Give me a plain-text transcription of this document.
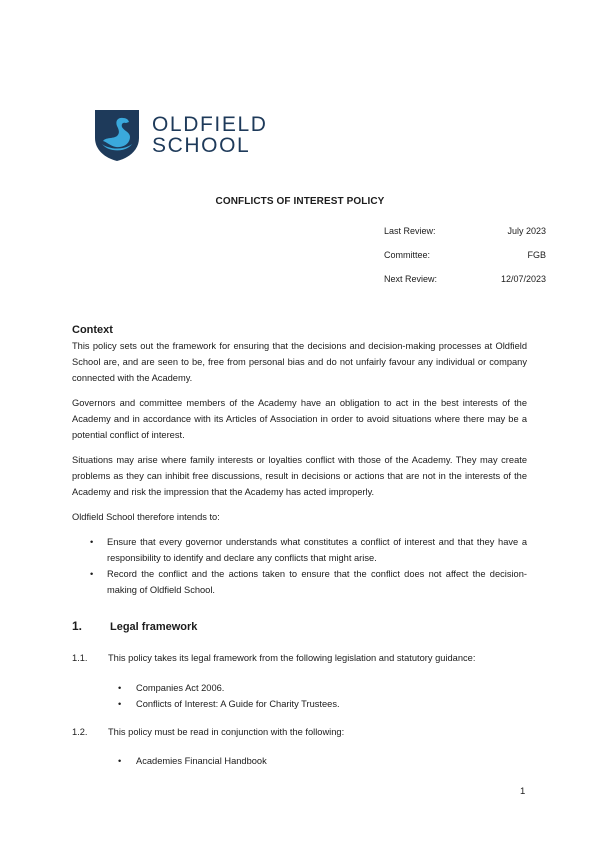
OLDFIELD
SCHOOL
CONFLICTS OF INTEREST POLICY
Last Review:	July 2023
Committee:	FGB
Next Review:	12/07/2023

Context

This policy sets out the framework for ensuring that the decisions and decision-making processes at Oldfield School are, and are seen to be, free from personal bias and do not unfairly favour any individual or company connected with the Academy.

Governors and committee members of the Academy have an obligation to act in the best interests of the Academy and in accordance with its Articles of Association in order to avoid situations where there may be a potential conflict of interest.

Situations may arise where family interests or loyalties conflict with those of the Academy. They may create problems as they can inhibit free discussions, result in decisions or actions that are not in the interests of the Academy and risk the impression that the Academy has acted improperly.

Oldfield School therefore intends to:

• Ensure that every governor understands what constitutes a conflict of interest and that they have a responsibility to identify and declare any conflicts that might arise.
• Record the conflict and the actions taken to ensure that the conflict does not affect the decision-making of Oldfield School.
1.	Legal framework
1.1. This policy takes its legal framework from the following legislation and statutory guidance:
• Companies Act 2006.
• Conflicts of Interest: A Guide for Charity Trustees.
1.2. This policy must be read in conjunction with the following:
• Academies Financial Handbook
1
